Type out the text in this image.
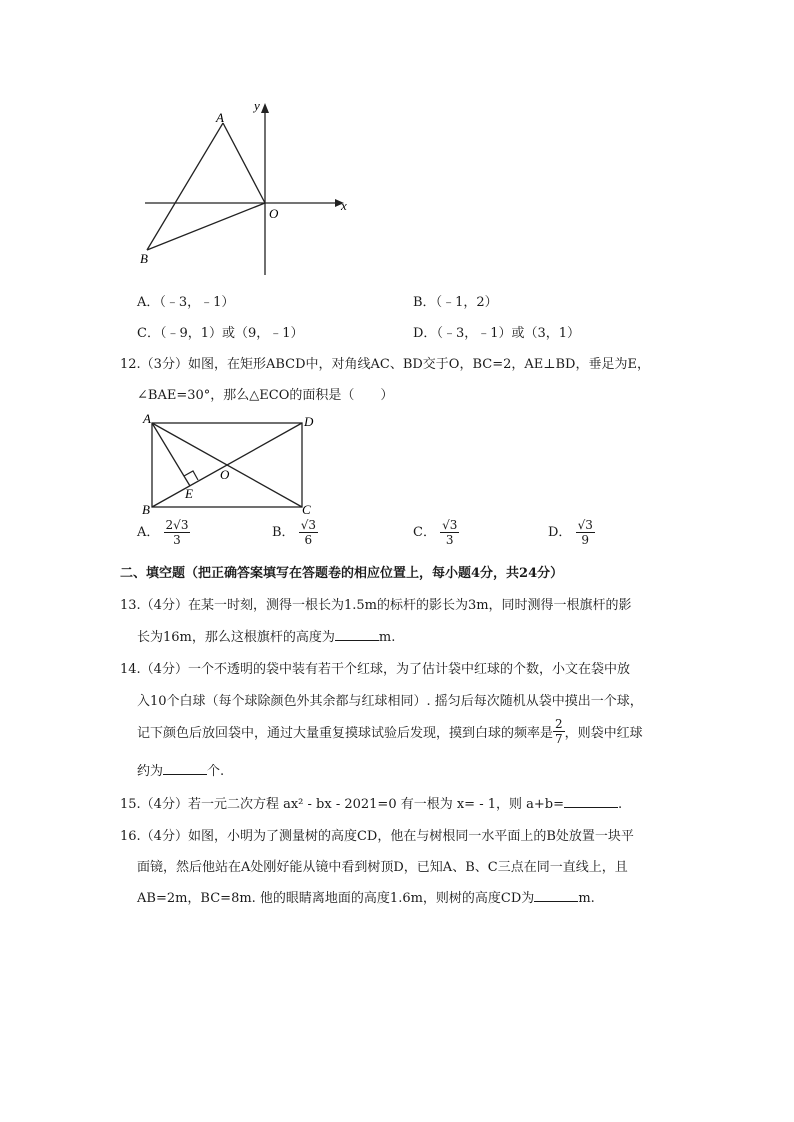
A
B
O
x
y
A．（﹣3，﹣1）	B．（﹣1，2）
C．（﹣9，1）或（9，﹣1）	D．（﹣3，﹣1）或（3，1）
12.（3分）如图，在矩形ABCD中，对角线AC、BD交于O，BC=2，AE⊥BD，垂足为E，
∠BAE=30°，那么△ECO的面积是（　　）
A
B	C
D
E
O
A． $\frac{2√3}{3}$	B． $\frac{√3}{6}$	C． $\frac{√3}{3}$	D． $\frac{√3}{9}$
二、填空题（把正确答案填写在答题卷的相应位置上，每小题4分，共24分）
13.（4分）在某一时刻，测得一根长为1.5m的标杆的影长为3m，同时测得一根旗杆的影
长为16m，那么这根旗杆的高度为	m.
14.（4分）一个不透明的袋中装有若干个红球，为了估计袋中红球的个数，小文在袋中放
入10个白球（每个球除颜色外其余都与红球相同）. 摇匀后每次随机从袋中摸出一个球，
记下颜色后放回袋中，通过大量重复摸球试验后发现，摸到白球的频率是 $\frac{2}{7}$ ，则袋中红球
约为	个.
15.（4分）若一元二次方程 ax² - bx - 2021=0 有一根为 x= - 1，则 a+b=	.
16.（4分）如图，小明为了测量树的高度CD，他在与树根同一水平面上的B处放置一块平
面镜，然后他站在A处刚好能从镜中看到树顶D，已知A、B、C三点在同一直线上，且
AB=2m，BC=8m. 他的眼睛离地面的高度1.6m，则树的高度CD为	m.
